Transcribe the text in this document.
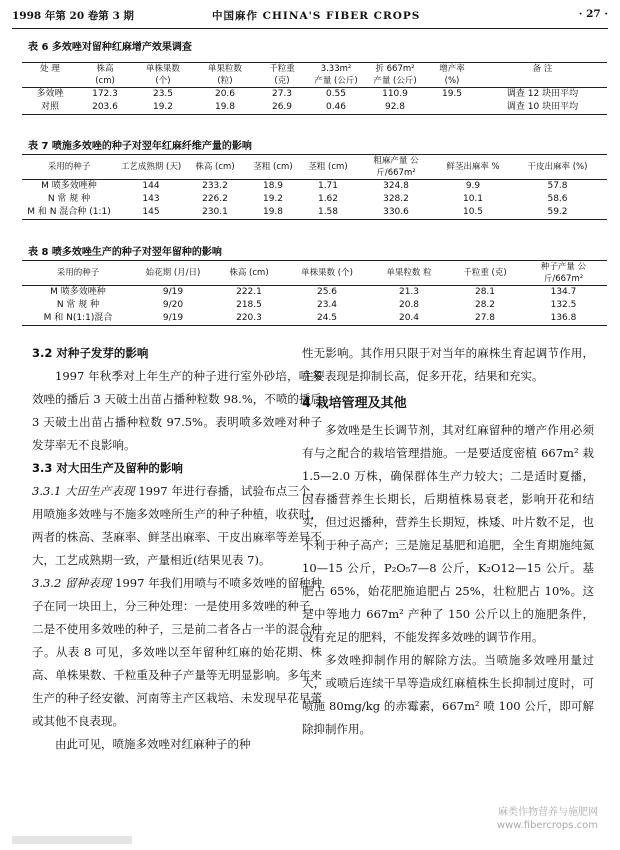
1998 年第 20 卷第 3 期	中国麻作 CHINA'S FIBER CROPS	· 27 ·
表 6 多效唑对留种红麻增产效果调查
处 理	株高	单株果数	单果粒数	千粒重	3.33m²	折 667m²	增产率	备 注
	(cm)	(个)	(粒)	(克)	产量 (公斤)	产量 (公斤)	(%)	
多效唑	172.3	23.5	20.6	27.3	0.55	110.9	19.5	调查 12 块田平均
对照	203.6	19.2	19.8	26.9	0.46	92.8		调查 10 块田平均
表 7 喷施多效唑的种子对翌年红麻纤维产量的影响
采用的种子	工艺成熟期 (天)	株高 (cm)	茎粗 (cm)	茎粗 (cm)	粗麻产量 公斤/667m²	鲜茎出麻率 %	干皮出麻率 (%)
M 喷多效唑种	144	233.2	18.9	1.71	324.8	9.9	57.8
N 常 规 种	143	226.2	19.2	1.62	328.2	10.1	58.6
M 和 N 混合种 (1:1)	145	230.1	19.8	1.58	330.6	10.5	59.2
表 8 喷多效唑生产的种子对翌年留种的影响
采用的种子	始花期 (月/日)	株高 (cm)	单株果数 (个)	单果粒数 粒	千粒重 (克)	种子产量 公斤/667m²
M 喷多效唑种	9/19	222.1	25.6	21.3	28.1	134.7
N 常 规 种	9/20	218.5	23.4	20.8	28.2	132.5
M 和 N(1:1)混合	9/19	220.3	24.5	20.4	27.8	136.8

3.2 对种子发芽的影响

1997 年秋季对上年生产的种子进行室外砂培，喷多效唑的播后 3 天破土出苗占播种粒数 98.%，不喷的播后 3 天破土出苗占播种粒数 97.5%。表明喷多效唑对种子发芽率无不良影响。

3.3 对大田生产及留种的影响

3.3.1 大田生产表现 1997 年进行春播，试验布点三个，用喷施多效唑与不施多效唑所生产的种子种植，收获时，两者的株高、茎麻率、鲜茎出麻率、干皮出麻率等差异不大，工艺成熟期一致，产量相近(结果见表 7)。

3.3.2 留种表现 1997 年我们用喷与不喷多效唑的留种种子在同一块田上，分三种处理：一是使用多效唑的种子，二是不使用多效唑的种子，三是前二者各占一半的混合种子。从表 8 可见，多效唑以至年留种红麻的始花期、株高、单株果数、千粒重及种子产量等无明显影响。多年来生产的种子经安徽、河南等主产区栽培、未发现早花早蕾或其他不良表现。

由此可见，喷施多效唑对红麻种子的种

性无影响。其作用只限于对当年的麻株生育起调节作用，主要表现是抑制长高，促多开花，结果和充实。

4 栽培管理及其他

多效唑是生长调节剂，其对红麻留种的增产作用必须有与之配合的栽培管理措施。一是要适度密植 667m² 栽 1.5—2.0 万株，确保群体生产力较大；二是适时夏播，因春播营养生长期长，后期植株易衰老，影响开花和结实，但过迟播种，营养生长期短，株矮、叶片数不足，也不利于种子高产；三是施足基肥和追肥，全生育期施纯氮 10—15 公斤，P₂O₅7—8 公斤，K₂O12—15 公斤。基肥占 65%，始花肥施追肥占 25%，壮粒肥占 10%。这是中等地力 667m² 产种了 150 公斤以上的施肥条件，没有充足的肥料，不能发挥多效唑的调节作用。

多效唑抑制作用的解除方法。当喷施多效唑用量过大，或喷后连续干旱等造成红麻植株生长抑制过度时，可喷施 80mg/kg 的赤霉素，667m² 喷 100 公斤，即可解除抑制作用。

麻类作物营养与施肥网
www.fibercrops.com
